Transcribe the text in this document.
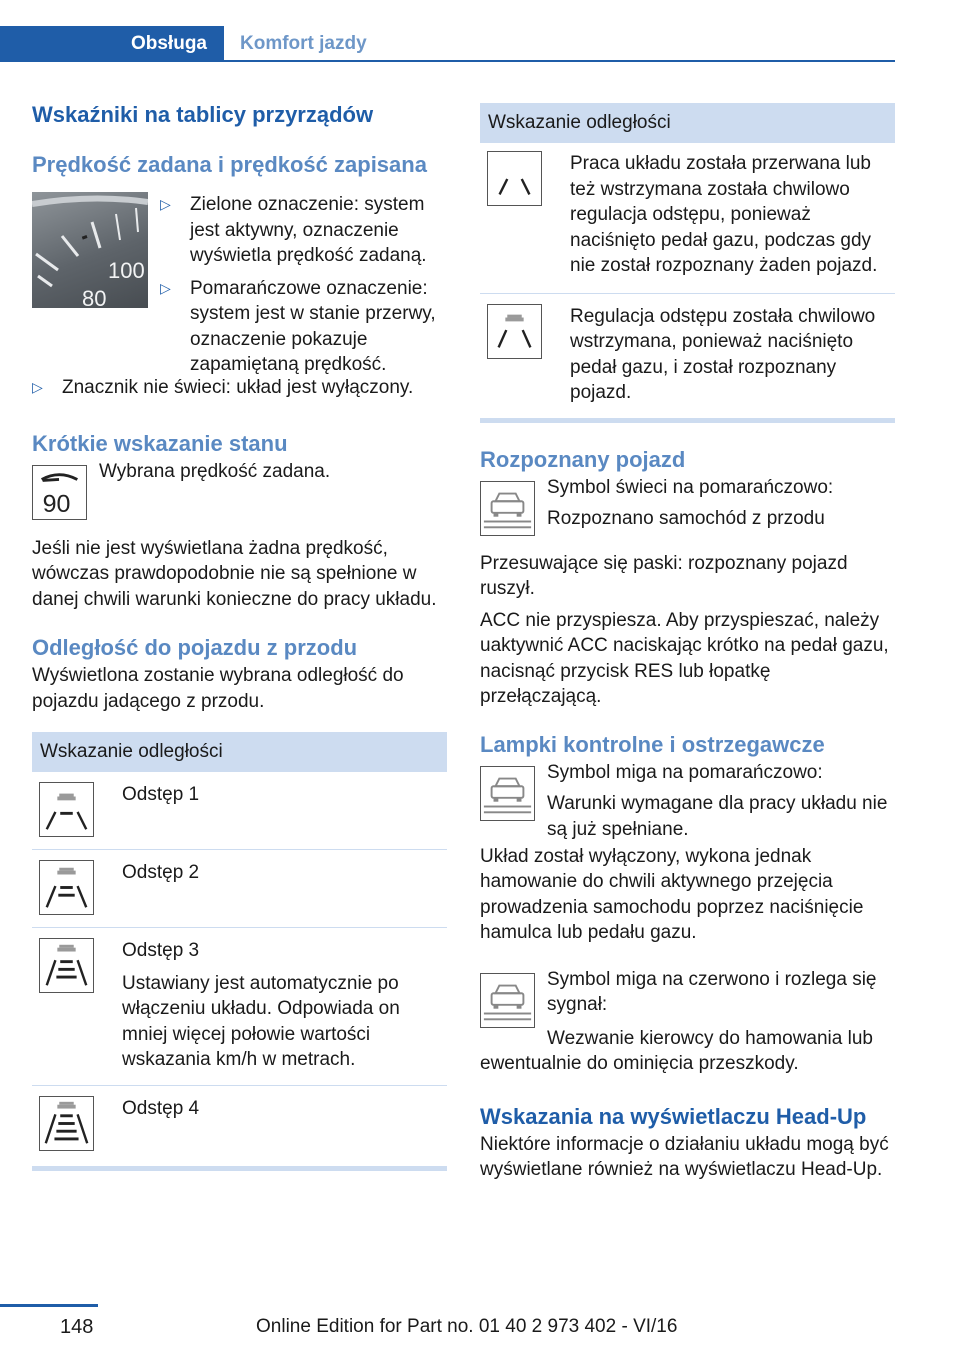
Obsługa	Komfort jazdy
Wskaźniki na tablicy przyrządów
Prędkość zadana i prędkość zapisana
100
80
▷	Zielone oznaczenie: system jest aktywny, oznaczenie wyświetla prędkość zadaną.

▷	Pomarańczowe oznaczenie: system jest w stanie przerwy, oznaczenie pokazuje zapamiętaną prędkość.

▷	Znacznik nie świeci: układ jest wyłączony.

Krótkie wskazanie stanu
90

Wybrana prędkość zadana.

Jeśli nie jest wyświetlana żadna prędkość, wówczas prawdopodobnie nie są spełnione w danej chwili warunki konieczne do pracy układu.

Odległość do pojazdu z przodu

Wyświetlona zostanie wybrana odległość do pojazdu jadącego z przodu.

Wskazanie odległości

Odstęp 1

Odstęp 2

Odstęp 3

Ustawiany jest automatycznie po włączeniu układu. Odpowiada on mniej więcej połowie wartości wskazania km/h w metrach.

Odstęp 4

Wskazanie odległości

Praca układu została przerwana lub też wstrzymana została chwilowo regulacja odstępu, ponieważ naciśnięto pedał gazu, podczas gdy nie został rozpoznany żaden pojazd.

Regulacja odstępu została chwilowo wstrzymana, ponieważ naciśnięto pedał gazu, i został rozpoznany pojazd.

Rozpoznany pojazd

Symbol świeci na pomarańczowo:

Rozpoznano samochód z przodu

Przesuwające się paski: rozpoznany pojazd ruszył.

ACC nie przyspiesza. Aby przyspieszać, należy uaktywnić ACC naciskając krótko na pedał gazu, nacisnąć przycisk RES lub łopatkę przełączającą.

Lampki kontrolne i ostrzegawcze

Symbol miga na pomarańczowo:

Warunki wymagane dla pracy układu nie są już spełniane.

Układ został wyłączony, wykona jednak hamowanie do chwili aktywnego przejęcia prowadzenia samochodu poprzez naciśnięcie hamulca lub pedału gazu.

Symbol miga na czerwono i rozlega się sygnał:

Wezwanie kierowcy do hamowania lub ewentualnie do ominięcia przeszkody.

Wskazania na wyświetlaczu Head-Up

Niektóre informacje o działaniu układu mogą być wyświetlane również na wyświetlaczu Head-Up.

148	Online Edition for Part no. 01 40 2 973 402 - VI/16
